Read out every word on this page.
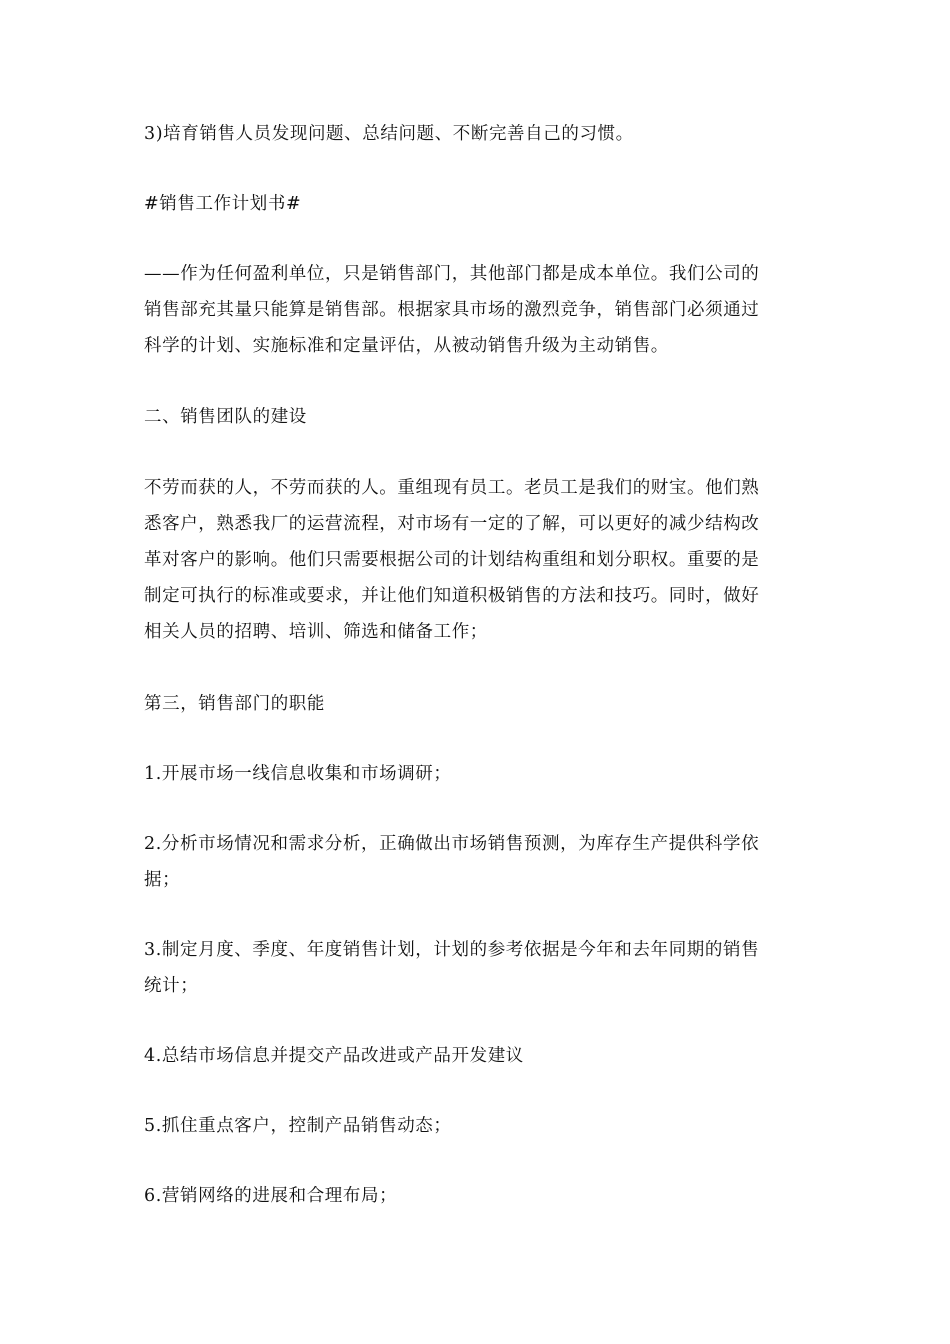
3)培育销售人员发现问题、总结问题、不断完善自己的习惯。
#销售工作计划书#
——作为任何盈利单位，只是销售部门，其他部门都是成本单位。我们公司的
销售部充其量只能算是销售部。根据家具市场的激烈竞争，销售部门必须通过
科学的计划、实施标准和定量评估，从被动销售升级为主动销售。
二、销售团队的建设
不劳而获的人，不劳而获的人。重组现有员工。老员工是我们的财宝。他们熟
悉客户，熟悉我厂的运营流程，对市场有一定的了解，可以更好的减少结构改
革对客户的影响。他们只需要根据公司的计划结构重组和划分职权。重要的是
制定可执行的标准或要求，并让他们知道积极销售的方法和技巧。同时，做好
相关人员的招聘、培训、筛选和储备工作；
第三，销售部门的职能
1.开展市场一线信息收集和市场调研；
2.分析市场情况和需求分析，正确做出市场销售预测，为库存生产提供科学依
据；
3.制定月度、季度、年度销售计划，计划的参考依据是今年和去年同期的销售
统计；
4.总结市场信息并提交产品改进或产品开发建议
5.抓住重点客户，控制产品销售动态；
6.营销网络的进展和合理布局；
